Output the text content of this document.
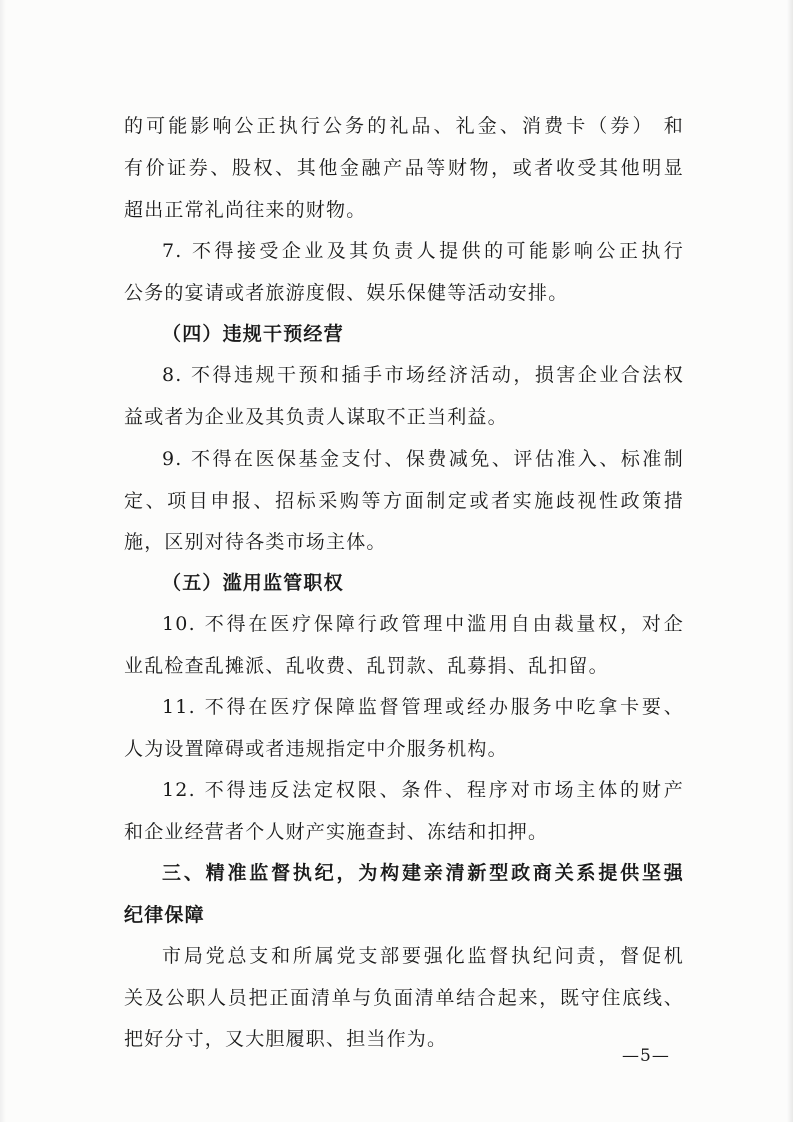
的可能影响公正执行公务的礼品、礼金、消费卡（券） 和
有价证券、股权、其他金融产品等财物，或者收受其他明显
超出正常礼尚往来的财物。
7. 不得接受企业及其负责人提供的可能影响公正执行
公务的宴请或者旅游度假、娱乐保健等活动安排。
（四）违规干预经营
8. 不得违规干预和插手市场经济活动，损害企业合法权
益或者为企业及其负责人谋取不正当利益。
9. 不得在医保基金支付、保费减免、评估准入、标准制
定、项目申报、招标采购等方面制定或者实施歧视性政策措
施，区别对待各类市场主体。
（五）滥用监管职权
10. 不得在医疗保障行政管理中滥用自由裁量权，对企
业乱检查乱摊派、乱收费、乱罚款、乱募捐、乱扣留。
11. 不得在医疗保障监督管理或经办服务中吃拿卡要、
人为设置障碍或者违规指定中介服务机构。
12. 不得违反法定权限、条件、程序对市场主体的财产
和企业经营者个人财产实施查封、冻结和扣押。
三、精准监督执纪，为构建亲清新型政商关系提供坚强
纪律保障
市局党总支和所属党支部要强化监督执纪问责，督促机
关及公职人员把正面清单与负面清单结合起来，既守住底线、
把好分寸，又大胆履职、担当作为。
—5—
